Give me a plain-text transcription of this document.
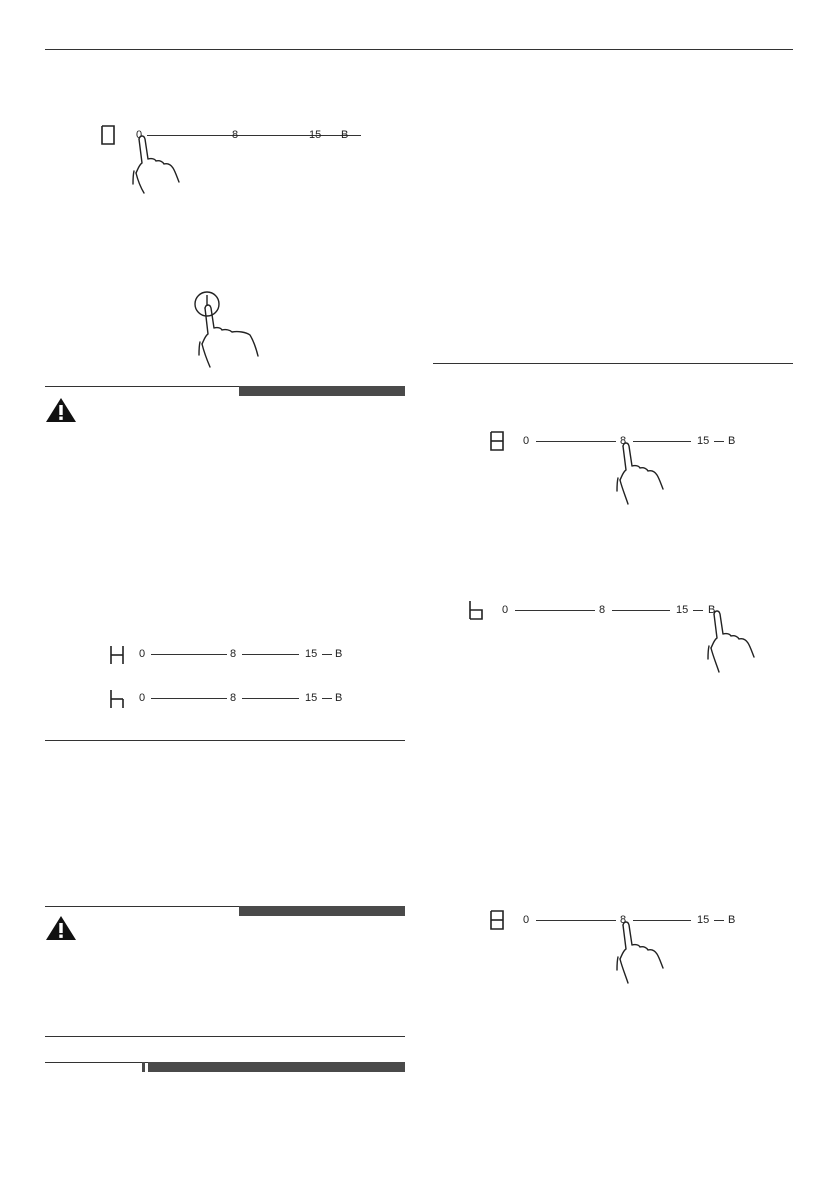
0	8	15 B
0	8	15 B
0	8	15 B
0	8	15 B
0	8	15 B
0	8	15 B
